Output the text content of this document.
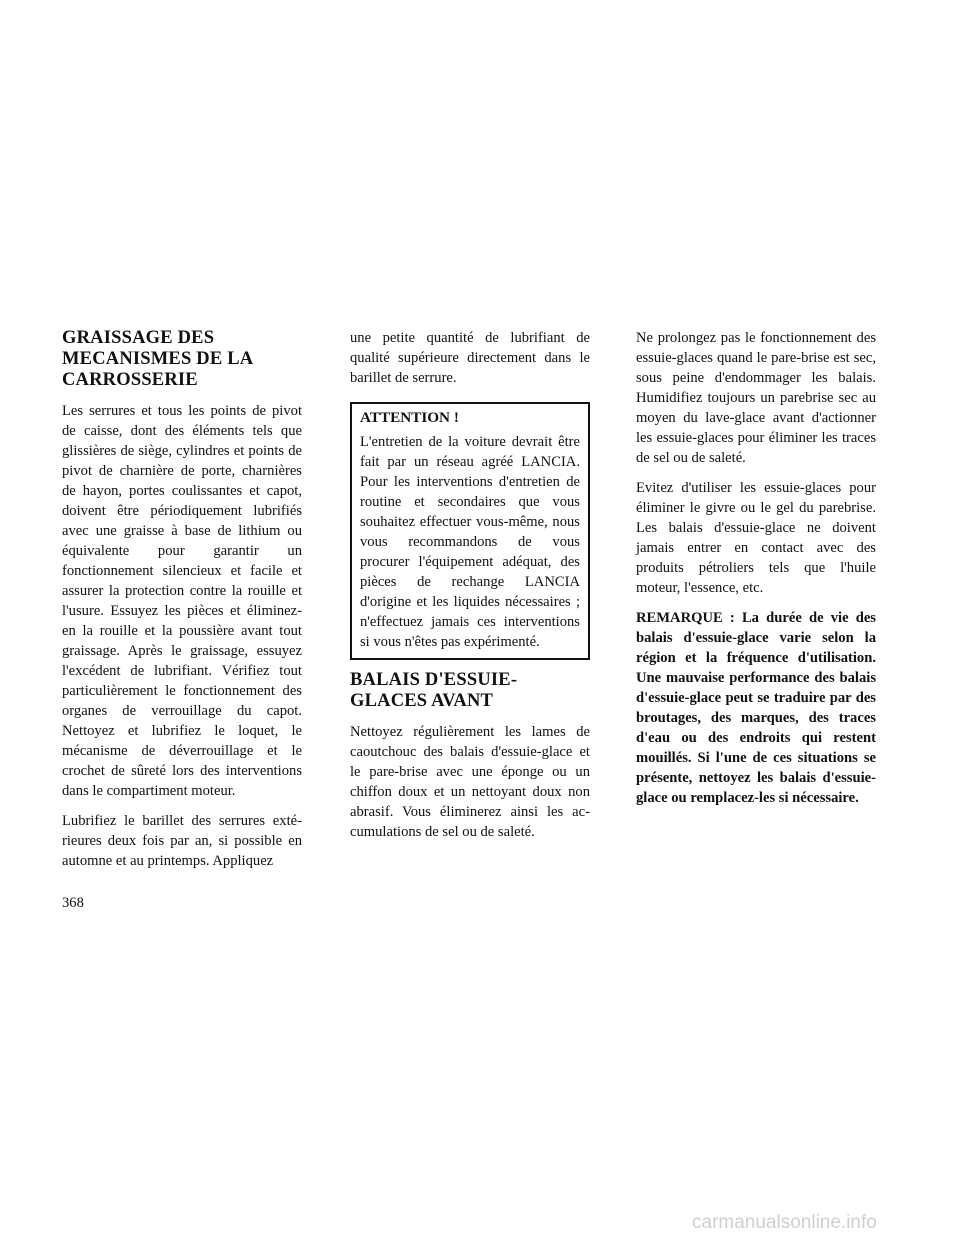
GRAISSAGE DES MECANISMES DE LA CARROSSERIE

Les serrures et tous les points de pivot de caisse, dont des éléments tels que glissières de siège, cylindres et points de pivot de charnière de porte, charnières de hayon, portes coulissantes et capot, doivent être périodiquement lubrifiés avec une graisse à base de lithium ou équivalente pour garantir un fonctionnement silencieux et facile et assurer la protection contre la rouille et l'usure. Essuyez les pièces et éliminez-en la rouille et la poussière avant tout graissage. Après le graissage, essuyez l'excédent de lubrifiant. Vérifiez tout particulièrement le fonctionnement des organes de verrouillage du capot. Nettoyez et lubrifiez le loquet, le mécanisme de déverrouillage et le crochet de sûreté lors des interventions dans le compartiment moteur.

Lubrifiez le barillet des serrures extérieures deux fois par an, si possible en automne et au printemps. Appliquez

une petite quantité de lubrifiant de qualité supérieure directement dans le barillet de serrure.

ATTENTION !

L'entretien de la voiture devrait être fait par un réseau agréé LANCIA. Pour les interventions d'entretien de routine et secondaires que vous souhaitez effectuer vous-même, nous vous recommandons de vous procurer l'équipement adéquat, des pièces de rechange LANCIA d'origine et les liquides nécessaires ; n'effectuez jamais ces interventions si vous n'êtes pas expérimenté.

BALAIS D'ESSUIE-GLACES AVANT

Nettoyez régulièrement les lames de caoutchouc des balais d'essuie-glace et le pare-brise avec une éponge ou un chiffon doux et un nettoyant doux non abrasif. Vous éliminerez ainsi les accumulations de sel ou de saleté.

Ne prolongez pas le fonctionnement des essuie-glaces quand le pare-brise est sec, sous peine d'endommager les balais. Humidifiez toujours un parebrise sec au moyen du lave-glace avant d'actionner les essuie-glaces pour éliminer les traces de sel ou de saleté.

Evitez d'utiliser les essuie-glaces pour éliminer le givre ou le gel du parebrise. Les balais d'essuie-glace ne doivent jamais entrer en contact avec des produits pétroliers tels que l'huile moteur, l'essence, etc.

REMARQUE : La durée de vie des balais d'essuie-glace varie selon la région et la fréquence d'utilisation. Une mauvaise performance des balais d'essuie-glace peut se traduire par des broutages, des marques, des traces d'eau ou des endroits qui restent mouillés. Si l'une de ces situations se présente, nettoyez les balais d'essuie-glace ou remplacez-les si nécessaire.

368
carmanualsonline.info
